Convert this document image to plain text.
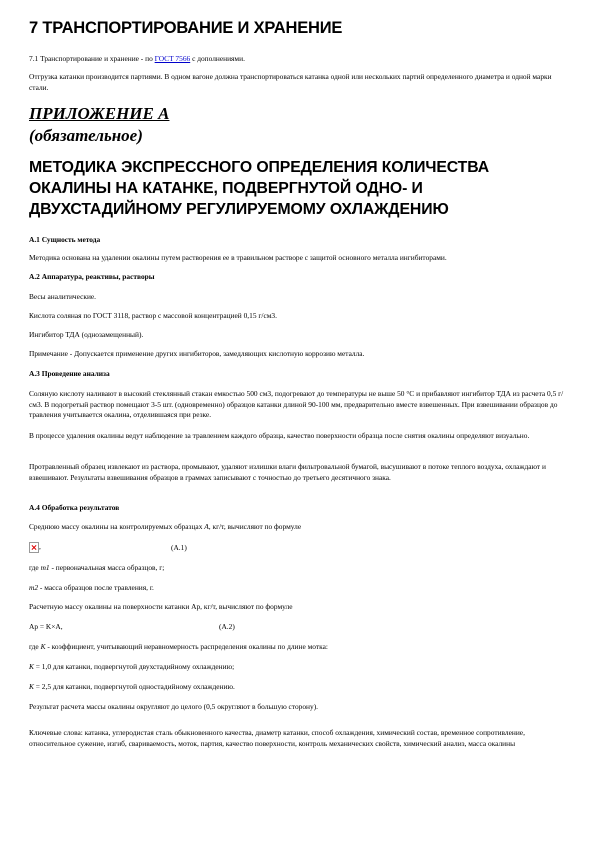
7 ТРАНСПОРТИРОВАНИЕ И ХРАНЕНИЕ
7.1 Транспортирование и хранение - по ГОСТ 7566 с дополнениями.
Отгрузка катанки производится партиями. В одном вагоне должна транспортироваться катанка одной или нескольких партий определенного диаметра и одной марки стали.
ПРИЛОЖЕНИЕ А
(обязательное)
МЕТОДИКА ЭКСПРЕССНОГО ОПРЕДЕЛЕНИЯ КОЛИЧЕСТВА ОКАЛИНЫ НА КАТАНКЕ, ПОДВЕРГНУТОЙ ОДНО- И ДВУХСТАДИЙНОМУ РЕГУЛИРУЕМОМУ ОХЛАЖДЕНИЮ
А.1 Сущность метода
Методика основана на удалении окалины путем растворения ее в травильном растворе с защитой основного металла ингибиторами.
А.2 Аппаратура, реактивы, растворы
Весы аналитические.
Кислота соляная по ГОСТ 3118, раствор с массовой концентрацией 0,15 г/см3.
Ингибитор ТДА (однозамещенный).
Примечание - Допускается применение других ингибиторов, замедляющих кислотную коррозию металла.
А.3 Проведение анализа
Соляную кислоту наливают в высокий стеклянный стакан емкостью 500 см3, подогревают до температуры не выше 50 °С и прибавляют ингибитор ТДА из расчета 0,5 г/см3. В подогретый раствор помещают 3-5 шт. (одновременно) образцов катанки длиной 90-100 мм, предварительно вместе взвешенных. При взвешивании образцов до травления учитывается окалина, отделившаяся при резке.
В процессе удаления окалины ведут наблюдение за травлением каждого образца, качество поверхности образца после снятия окалины определяют визуально.
Протравленный образец извлекают из раствора, промывают, удаляют излишки влаги фильтровальной бумагой, высушивают в потоке теплого воздуха, охлаждают и взвешивают. Результаты взвешивания образцов в граммах записывают с точностью до третьего десятичного знака.
А.4 Обработка результатов
Среднюю массу окалины на контролируемых образцах A, кг/т, вычисляют по формуле
,	(А.1)
где m1 - первоначальная масса образцов, г;
m2 - масса образцов после травления, г.
Расчетную массу окалины на поверхности катанки Ар, кг/т, вычисляют по формуле
Ар = K×A,	(А.2)
где K - коэффициент, учитывающий неравномерность распределения окалины по длине мотка:
K = 1,0 для катанки, подвергнутой двухстадийному охлаждению;
K = 2,5 для катанки, подвергнутой одностадийному охлаждению.
Результат расчета массы окалины округляют до целого (0,5 округляют в большую сторону).
Ключевые слова: катанка, углеродистая сталь обыкновенного качества, диаметр катанки, способ охлаждения, химический состав, временное сопротивление, относительное сужение, изгиб, свариваемость, моток, партия, качество поверхности, контроль механических свойств, химический анализ, масса окалины
